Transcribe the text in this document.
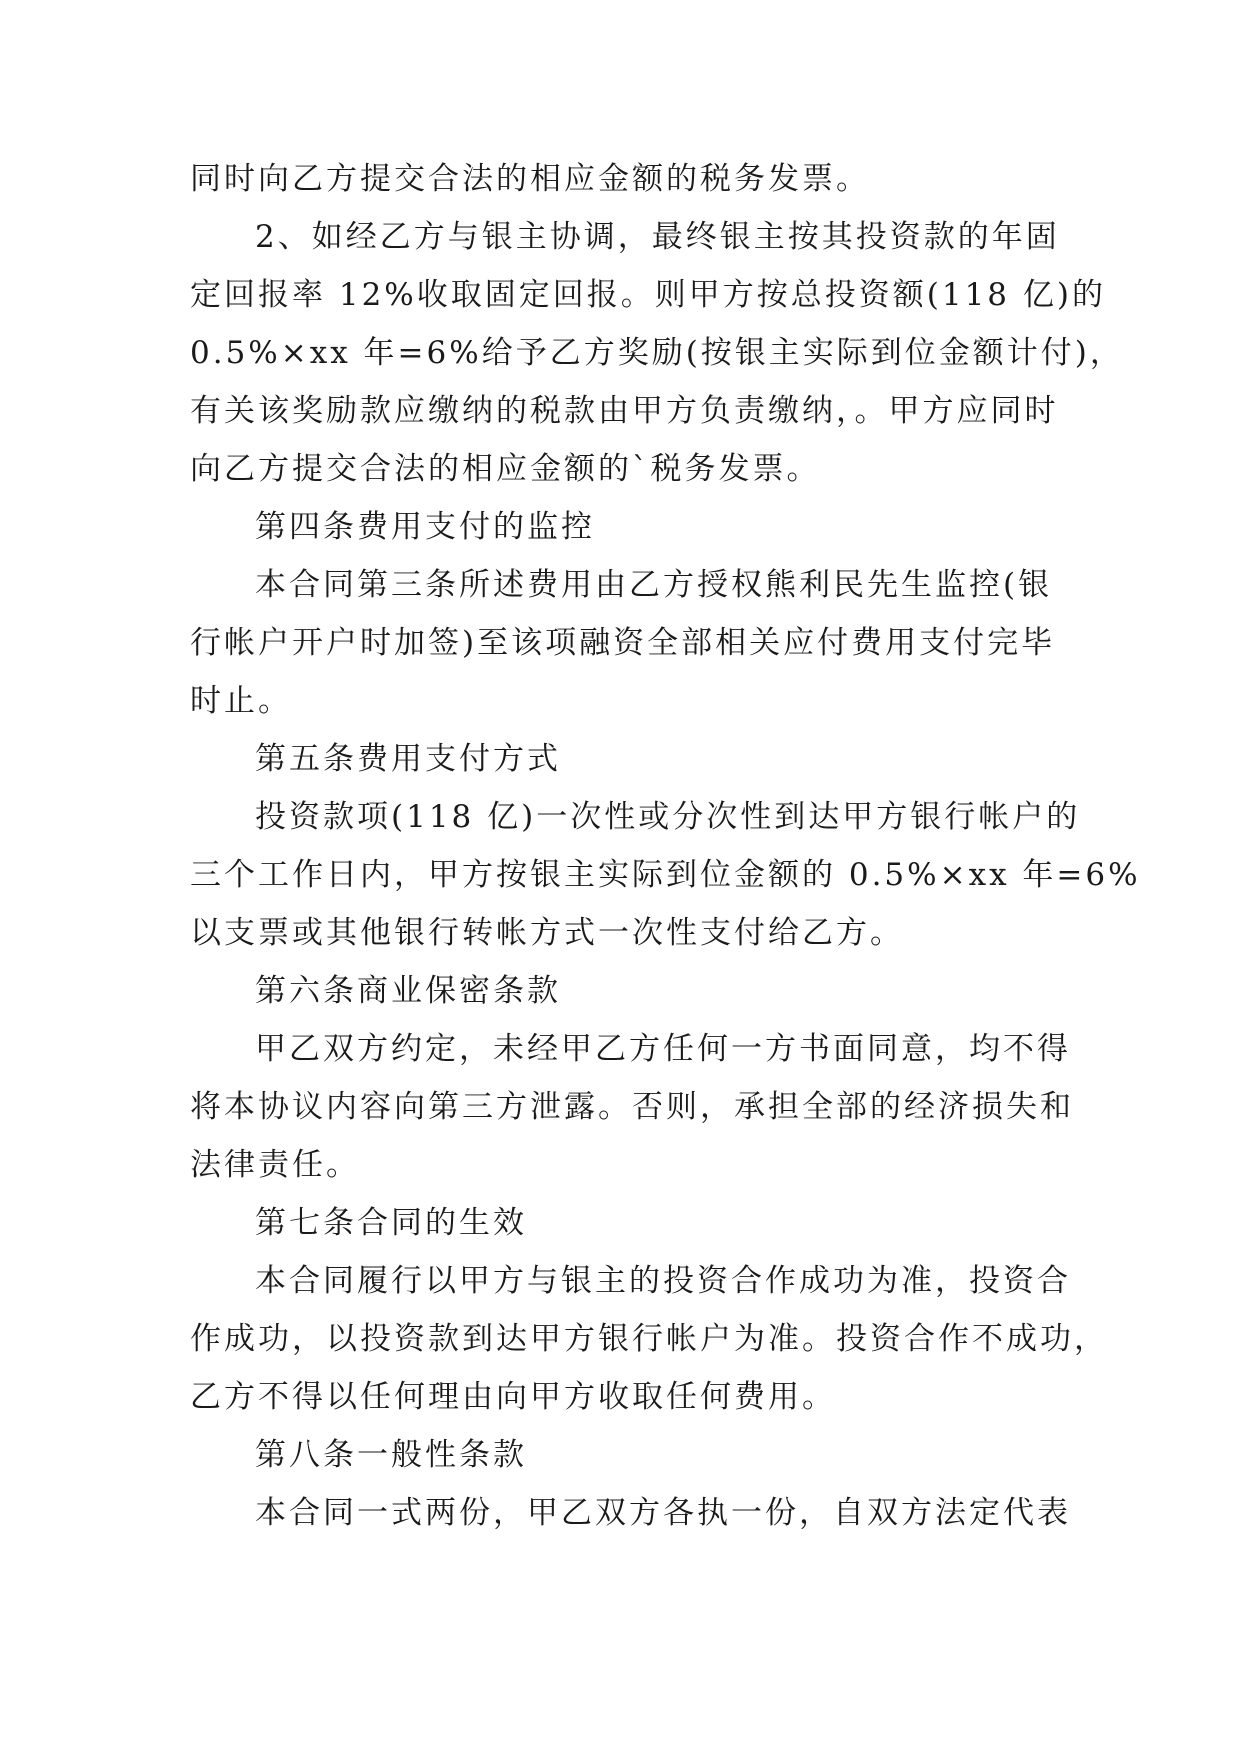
同时向乙方提交合法的相应金额的税务发票。
2、如经乙方与银主协调，最终银主按其投资款的年固
定回报率 12%收取固定回报。则甲方按总投资额(118 亿)的
0.5%×xx 年=6%给予乙方奖励(按银主实际到位金额计付)，
有关该奖励款应缴纳的税款由甲方负责缴纳，。甲方应同时
向乙方提交合法的相应金额的`税务发票。
第四条费用支付的监控
本合同第三条所述费用由乙方授权熊利民先生监控(银
行帐户开户时加签)至该项融资全部相关应付费用支付完毕
时止。
第五条费用支付方式
投资款项(118 亿)一次性或分次性到达甲方银行帐户的
三个工作日内，甲方按银主实际到位金额的 0.5%×xx 年=6%
以支票或其他银行转帐方式一次性支付给乙方。
第六条商业保密条款
甲乙双方约定，未经甲乙方任何一方书面同意，均不得
将本协议内容向第三方泄露。否则，承担全部的经济损失和
法律责任。
第七条合同的生效
本合同履行以甲方与银主的投资合作成功为准，投资合
作成功，以投资款到达甲方银行帐户为准。投资合作不成功，
乙方不得以任何理由向甲方收取任何费用。
第八条一般性条款
本合同一式两份，甲乙双方各执一份，自双方法定代表
